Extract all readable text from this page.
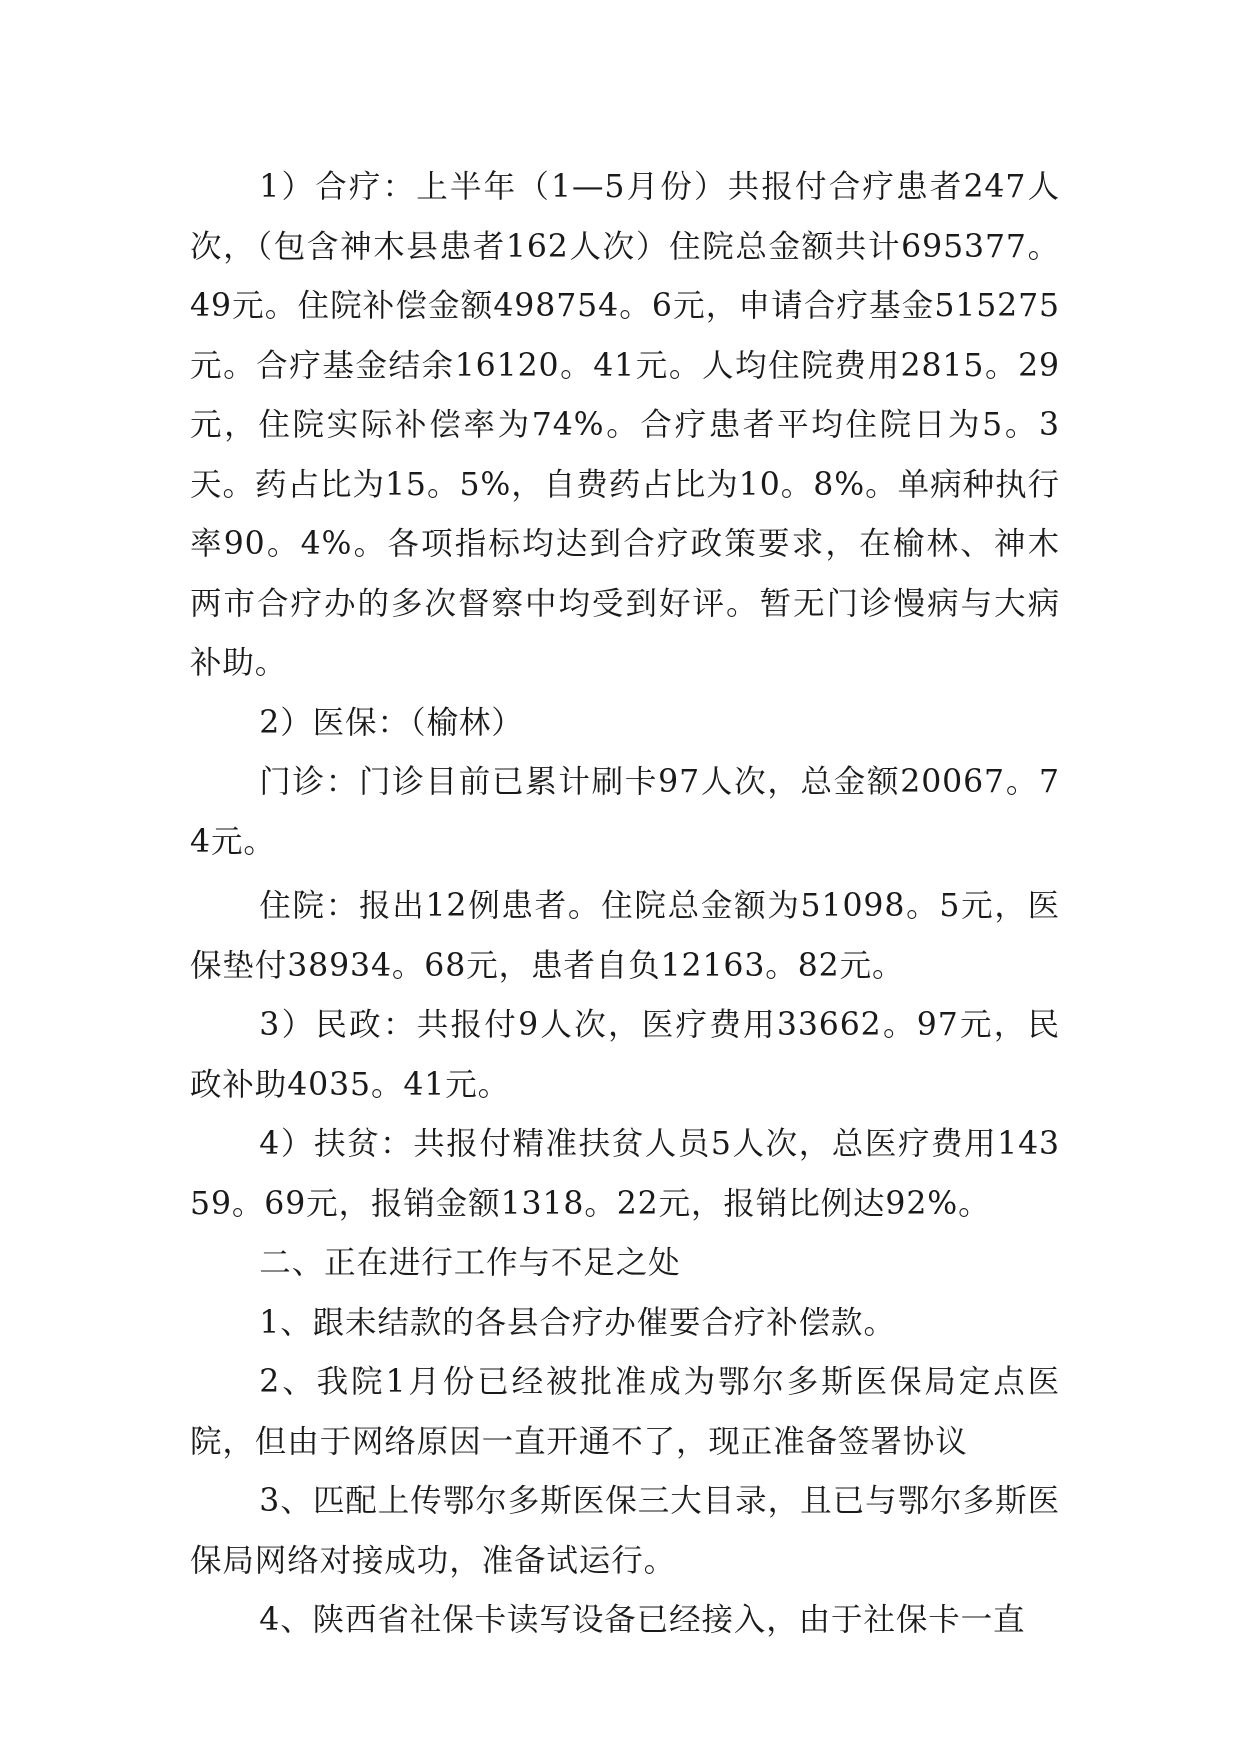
1）合疗：上半年（1—5月份）共报付合疗患者247人次，（包含神木县患者162人次）住院总金额共计695377。49元。住院补偿金额498754。6元，申请合疗基金515275元。合疗基金结余16120。41元。人均住院费用2815。29元，住院实际补偿率为74%。合疗患者平均住院日为5。3天。药占比为15。5%，自费药占比为10。8%。单病种执行率90。4%。各项指标均达到合疗政策要求，在榆林、神木两市合疗办的多次督察中均受到好评。暂无门诊慢病与大病补助。

2）医保：（榆林）

门诊：门诊目前已累计刷卡97人次，总金额20067。74元。

住院：报出12例患者。住院总金额为51098。5元，医保垫付38934。68元，患者自负12163。82元。

3）民政：共报付9人次，医疗费用33662。97元，民政补助4035。41元。

4）扶贫：共报付精准扶贫人员5人次，总医疗费用14359。69元，报销金额1318。22元，报销比例达92%。

二、正在进行工作与不足之处

1、跟未结款的各县合疗办催要合疗补偿款。

2、我院1月份已经被批准成为鄂尔多斯医保局定点医院，但由于网络原因一直开通不了，现正准备签署协议

3、匹配上传鄂尔多斯医保三大目录，且已与鄂尔多斯医保局网络对接成功，准备试运行。

4、陕西省社保卡读写设备已经接入，由于社保卡一直
